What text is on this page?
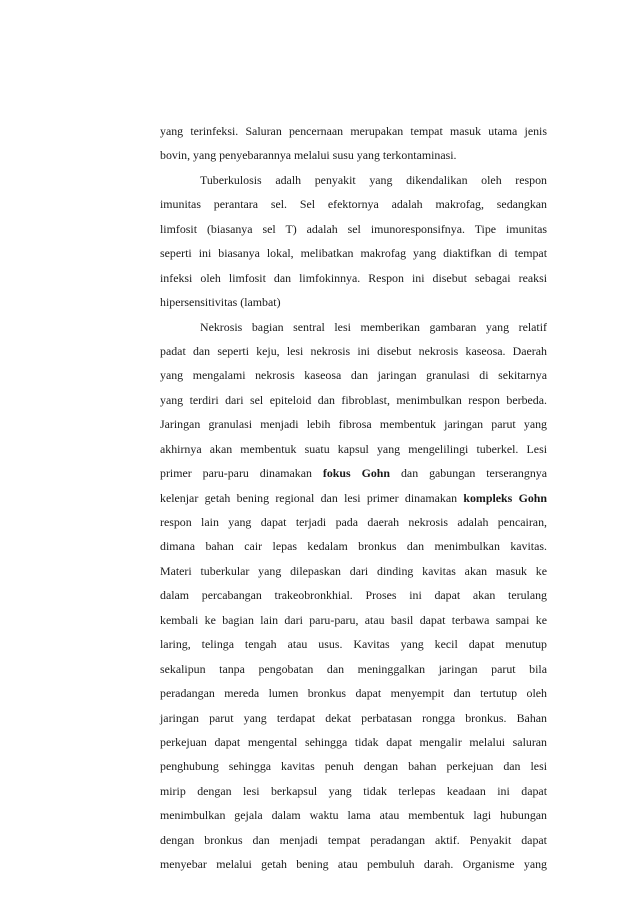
yang terinfeksi. Saluran pencernaan merupakan tempat masuk utama jenis
bovin, yang penyebarannya melalui susu yang terkontaminasi.
Tuberkulosis adalh penyakit yang dikendalikan oleh respon
imunitas perantara sel. Sel efektornya adalah makrofag, sedangkan
limfosit (biasanya sel T) adalah sel imunoresponsifnya. Tipe imunitas
seperti ini biasanya lokal, melibatkan makrofag yang diaktifkan di tempat
infeksi oleh limfosit dan limfokinnya. Respon ini disebut sebagai reaksi
hipersensitivitas (lambat)
Nekrosis bagian sentral lesi memberikan gambaran yang relatif
padat dan seperti keju, lesi nekrosis ini disebut nekrosis kaseosa. Daerah
yang mengalami nekrosis kaseosa dan jaringan granulasi di sekitarnya
yang terdiri dari sel epiteloid dan fibroblast, menimbulkan respon berbeda.
Jaringan granulasi menjadi lebih fibrosa membentuk jaringan parut yang
akhirnya akan membentuk suatu kapsul yang mengelilingi tuberkel. Lesi
primer paru-paru dinamakan fokus Gohn dan gabungan terserangnya
kelenjar getah bening regional dan lesi primer dinamakan kompleks Gohn
respon lain yang dapat terjadi pada daerah nekrosis adalah pencairan,
dimana bahan cair lepas kedalam bronkus dan menimbulkan kavitas.
Materi tuberkular yang dilepaskan dari dinding kavitas akan masuk ke
dalam percabangan trakeobronkhial. Proses ini dapat akan terulang
kembali ke bagian lain dari paru-paru, atau basil dapat terbawa sampai ke
laring, telinga tengah atau usus. Kavitas yang kecil dapat menutup
sekalipun tanpa pengobatan dan meninggalkan jaringan parut bila
peradangan mereda lumen bronkus dapat menyempit dan tertutup oleh
jaringan parut yang terdapat dekat perbatasan rongga bronkus. Bahan
perkejuan dapat mengental sehingga tidak dapat mengalir melalui saluran
penghubung sehingga kavitas penuh dengan bahan perkejuan dan lesi
mirip dengan lesi berkapsul yang tidak terlepas keadaan ini dapat
menimbulkan gejala dalam waktu lama atau membentuk lagi hubungan
dengan bronkus dan menjadi tempat peradangan aktif. Penyakit dapat
menyebar melalui getah bening atau pembuluh darah. Organisme yang
